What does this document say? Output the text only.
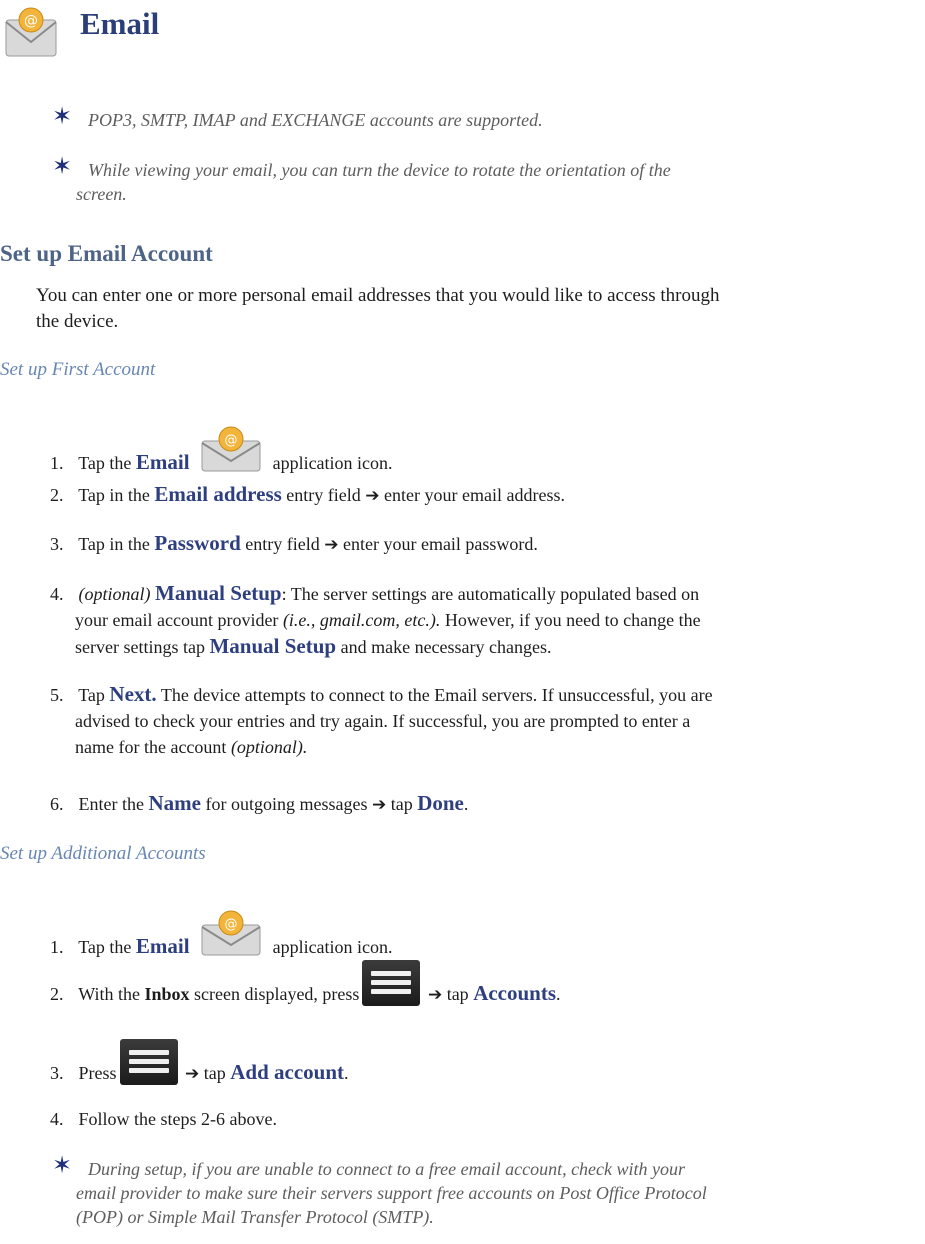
@ Email
✶ POP3, SMTP, IMAP and EXCHANGE accounts are supported.
✶ While viewing your email, you can turn the device to rotate the orientation of the
screen.
Set up Email Account
You can enter one or more personal email addresses that you would like to access through
the device.
Set up First Account
1. Tap the Email
@
application icon.
2. Tap in the Email address entry field ➔ enter your email address.
3. Tap in the Password entry field ➔ enter your email password.
4. (optional) Manual Setup: The server settings are automatically populated based on
your email account provider (i.e., gmail.com, etc.). However, if you need to change the
server settings tap Manual Setup and make necessary changes.
5. Tap Next. The device attempts to connect to the Email servers. If unsuccessful, you are
advised to check your entries and try again. If successful, you are prompted to enter a
name for the account (optional).
6. Enter the Name for outgoing messages ➔ tap Done.
Set up Additional Accounts
1. Tap the Email
@
application icon.
2. With the Inbox screen displayed, press	➔ tap Accounts.
3. Press	➔ tap Add account.
4. Follow the steps 2-6 above.
✶ During setup, if you are unable to connect to a free email account, check with your
email provider to make sure their servers support free accounts on Post Office Protocol
(POP) or Simple Mail Transfer Protocol (SMTP).
